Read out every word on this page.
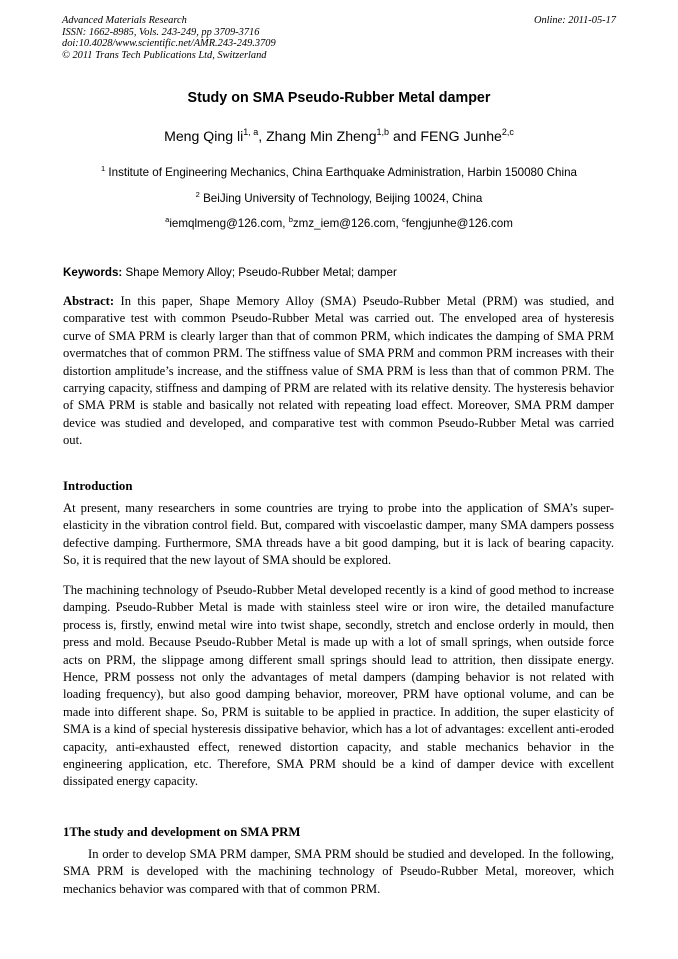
Advanced Materials Research
ISSN: 1662-8985, Vols. 243-249, pp 3709-3716
doi:10.4028/www.scientific.net/AMR.243-249.3709
© 2011 Trans Tech Publications Ltd, Switzerland
Online: 2011-05-17
Study on SMA Pseudo-Rubber Metal damper
Meng Qing li$^{1, a}$, Zhang Min Zheng$^{1,b}$ and FENG Junhe$^{2,c}$
$^1$ Institute of Engineering Mechanics, China Earthquake Administration, Harbin 150080 China
$^2$ BeiJing University of Technology, Beijing 10024, China
$^a$iemqlmeng@126.com, $^b$zmz_iem@126.com, $^c$fengjunhe@126.com
Keywords: Shape Memory Alloy; Pseudo-Rubber Metal; damper
Abstract: In this paper, Shape Memory Alloy (SMA) Pseudo-Rubber Metal (PRM) was studied, and comparative test with common Pseudo-Rubber Metal was carried out. The enveloped area of hysteresis curve of SMA PRM is clearly larger than that of common PRM, which indicates the damping of SMA PRM overmatches that of common PRM. The stiffness value of SMA PRM and common PRM increases with their distortion amplitude’s increase, and the stiffness value of SMA PRM is less than that of common PRM. The carrying capacity, stiffness and damping of PRM are related with its relative density. The hysteresis behavior of SMA PRM is stable and basically not related with repeating load effect. Moreover, SMA PRM damper device was studied and developed, and comparative test with common Pseudo-Rubber Metal was carried out.
Introduction
At present, many researchers in some countries are trying to probe into the application of SMA’s super-elasticity in the vibration control field. But, compared with viscoelastic damper, many SMA dampers possess defective damping. Furthermore, SMA threads have a bit good damping, but it is lack of bearing capacity. So, it is required that the new layout of SMA should be explored.
The machining technology of Pseudo-Rubber Metal developed recently is a kind of good method to increase damping. Pseudo-Rubber Metal is made with stainless steel wire or iron wire, the detailed manufacture process is, firstly, enwind metal wire into twist shape, secondly, stretch and enclose orderly in mould, then press and mold. Because Pseudo-Rubber Metal is made up with a lot of small springs, when outside force acts on PRM, the slippage among different small springs should lead to attrition, then dissipate energy. Hence, PRM possess not only the advantages of metal dampers (damping behavior is not related with loading frequency), but also good damping behavior, moreover, PRM have optional volume, and can be made into different shape. So, PRM is suitable to be applied in practice. In addition, the super elasticity of SMA is a kind of special hysteresis dissipative behavior, which has a lot of advantages: excellent anti-eroded capacity, anti-exhausted effect, renewed distortion capacity, and stable mechanics behavior in the engineering application, etc. Therefore, SMA PRM should be a kind of damper device with excellent dissipated energy capacity.
1The study and development on SMA PRM
In order to develop SMA PRM damper, SMA PRM should be studied and developed. In the following, SMA PRM is developed with the machining technology of Pseudo-Rubber Metal, moreover, which mechanics behavior was compared with that of common PRM.
